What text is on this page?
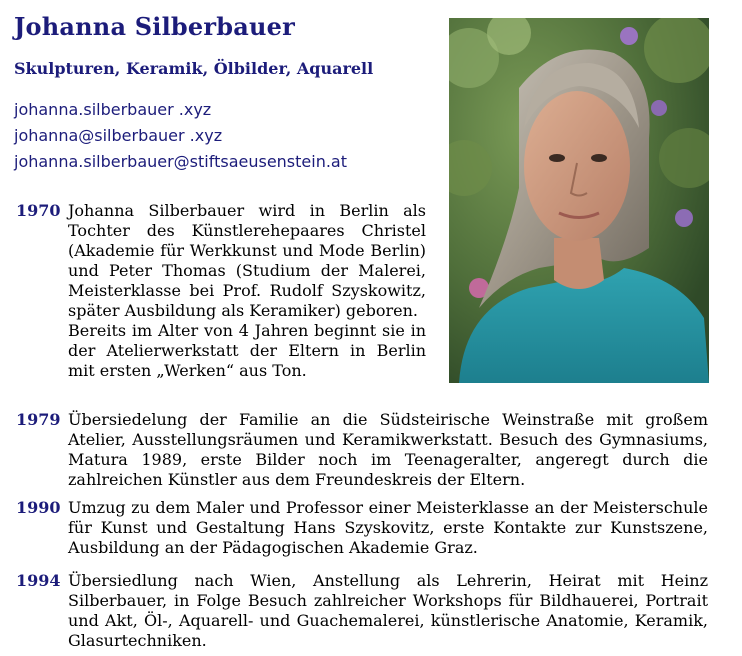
Johanna Silberbauer
Skulpturen, Keramik, Ölbilder, Aquarell
johanna.silberbauer .xyz
johanna@silberbauer .xyz
johanna.silberbauer@stiftsaeusenstein.at
1970 Johanna Silberbauer wird in Berlin als Tochter des Künstlerehepaares Christel (Akademie für Werkkunst und Mode Berlin) und Peter Thomas (Studium der Malerei, Meisterklasse bei Prof. Rudolf Szyskowitz, später Ausbildung als Keramiker) geboren.

Bereits im Alter von 4 Jahren beginnt sie in der Atelierwerkstatt der Eltern in Berlin mit ersten „Werken“ aus Ton.

1979 Übersiedelung der Familie an die Südsteirische Weinstraße mit großem Atelier, Ausstellungsräumen und Keramikwerkstatt. Besuch des Gymnasiums, Matura 1989, erste Bilder noch im Teenageralter, angeregt durch die zahlreichen Künstler aus dem Freundeskreis der Eltern.

1990 Umzug zu dem Maler und Professor einer Meisterklasse an der Meisterschule für Kunst und Gestaltung Hans Szyskovitz, erste Kontakte zur Kunstszene, Ausbildung an der Pädagogischen Akademie Graz.

1994 Übersiedlung nach Wien, Anstellung als Lehrerin, Heirat mit Heinz Silberbauer, in Folge Besuch zahlreicher Workshops für Bildhauerei, Portrait und Akt, Öl-, Aquarell- und Guachemalerei, künstlerische Anatomie, Keramik, Glasurtechniken.
